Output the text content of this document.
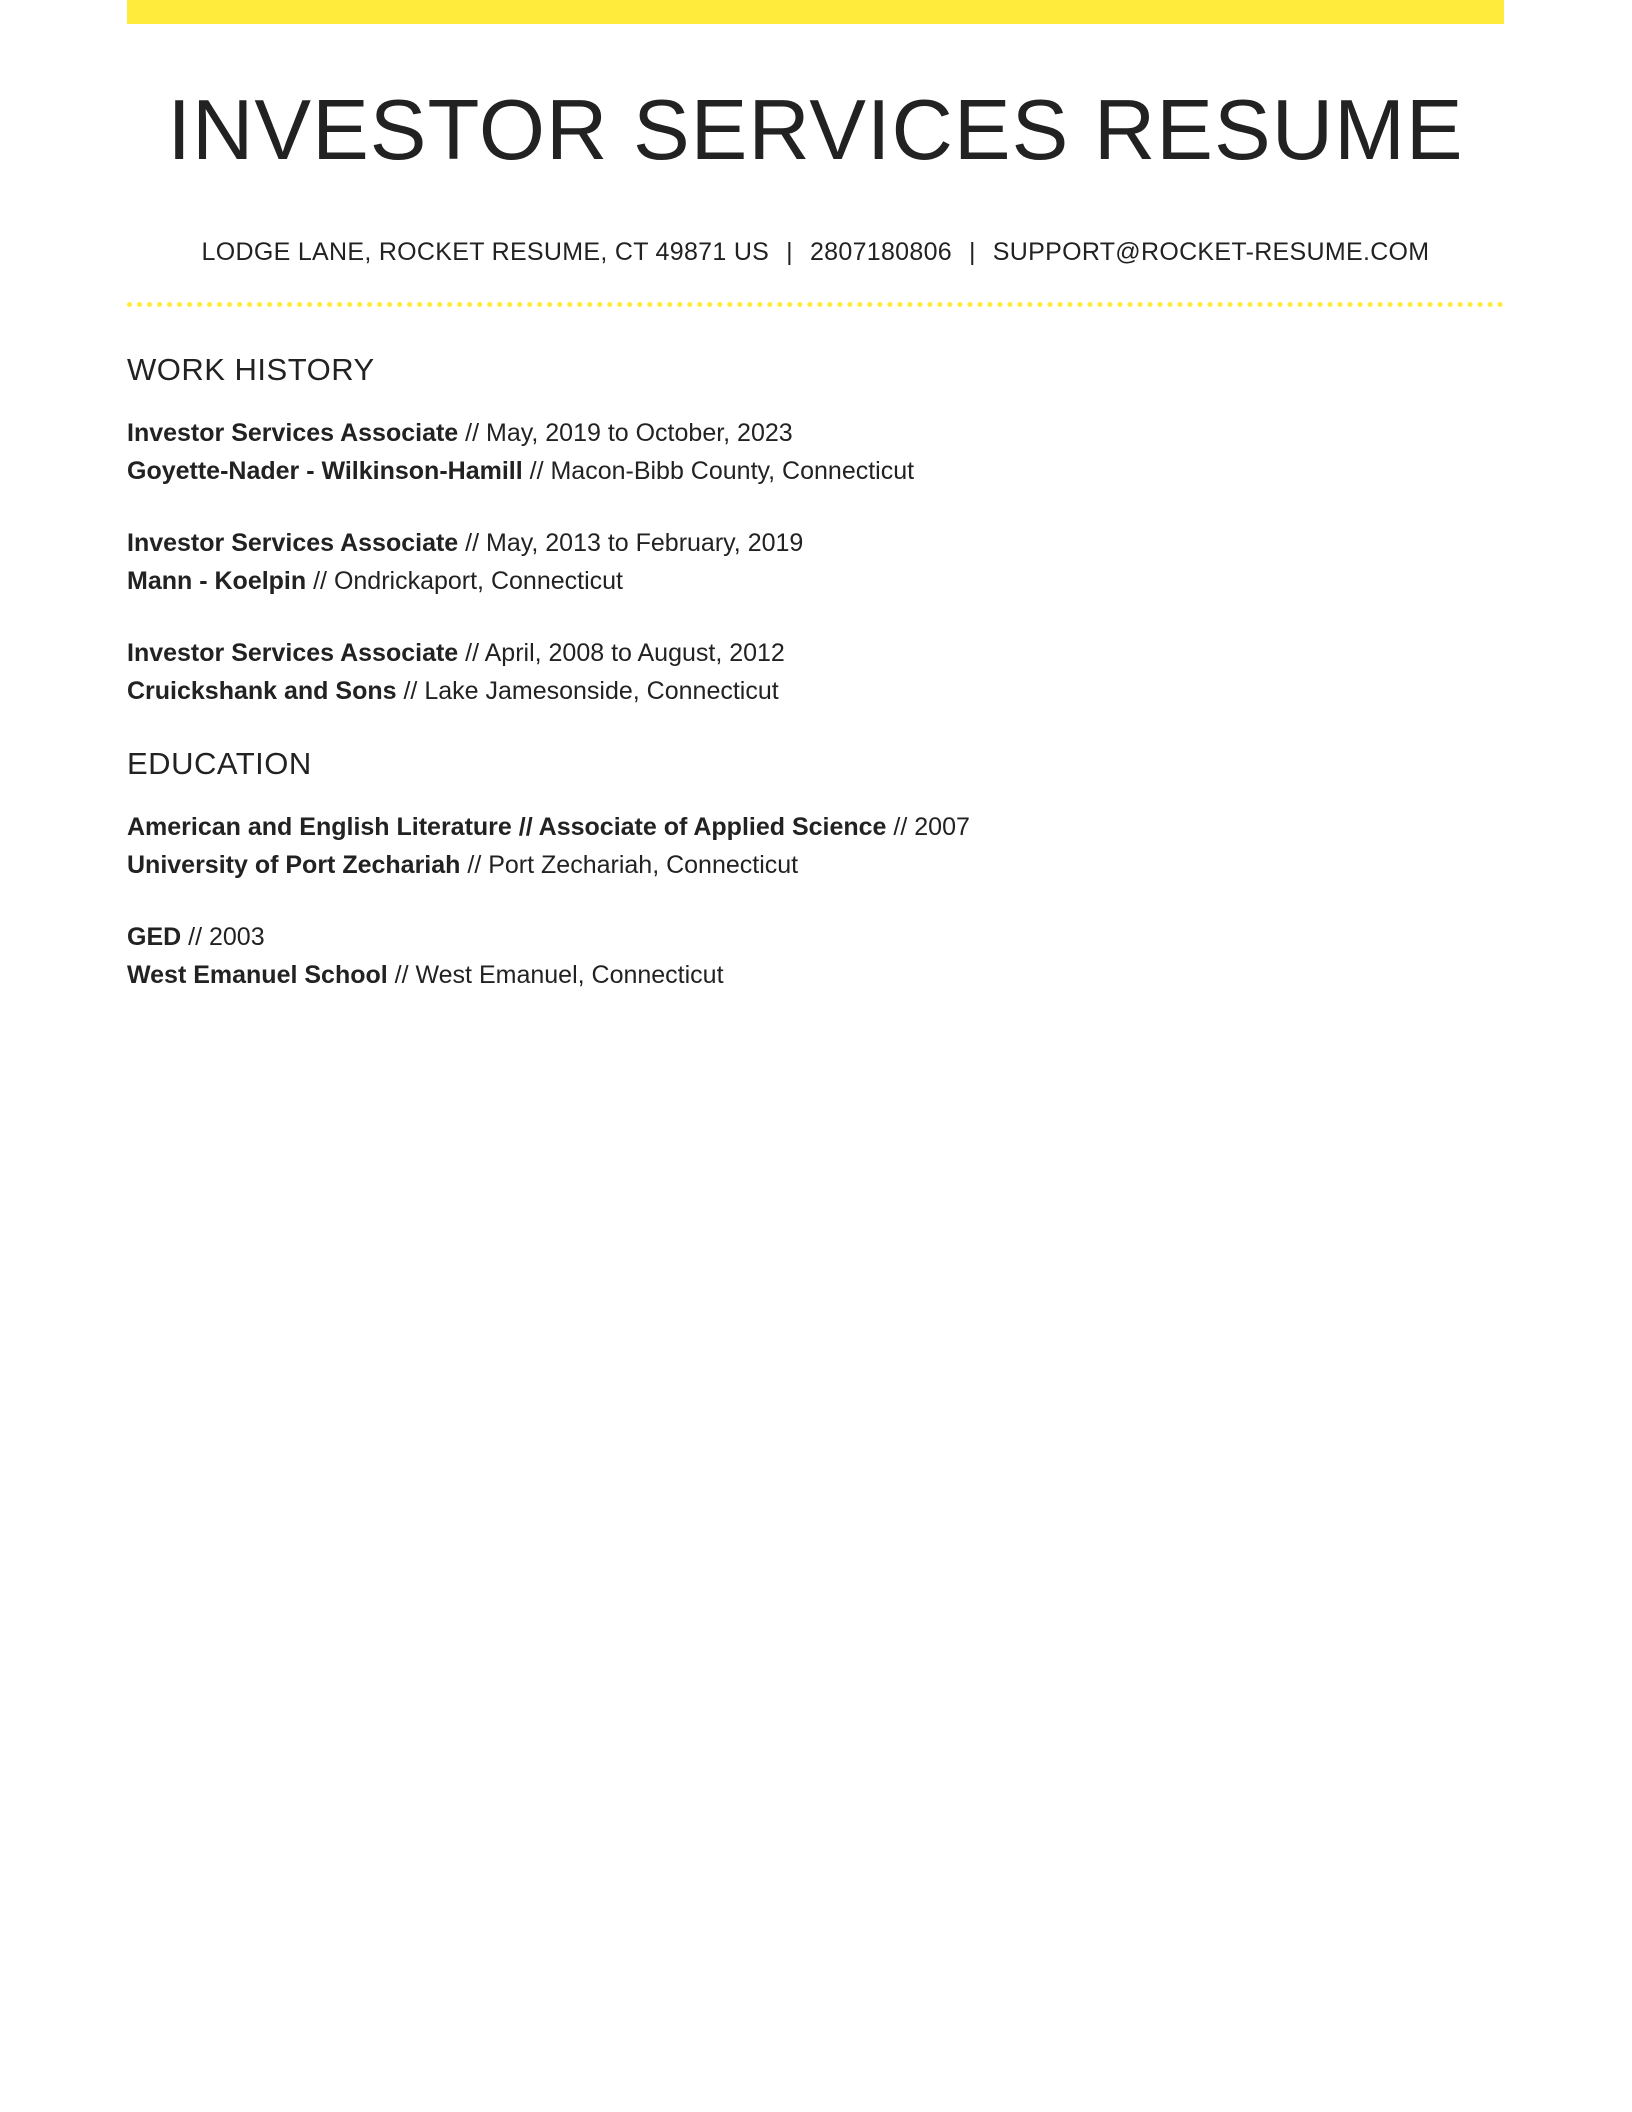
INVESTOR SERVICES RESUME
LODGE LANE, ROCKET RESUME, CT 49871 US | 2807180806 | SUPPORT@ROCKET-RESUME.COM
WORK HISTORY
Investor Services Associate // May, 2019 to October, 2023
Goyette-Nader - Wilkinson-Hamill // Macon-Bibb County, Connecticut
Investor Services Associate // May, 2013 to February, 2019
Mann - Koelpin // Ondrickaport, Connecticut
Investor Services Associate // April, 2008 to August, 2012
Cruickshank and Sons // Lake Jamesonside, Connecticut
EDUCATION
American and English Literature // Associate of Applied Science // 2007
University of Port Zechariah // Port Zechariah, Connecticut
GED // 2003
West Emanuel School // West Emanuel, Connecticut
